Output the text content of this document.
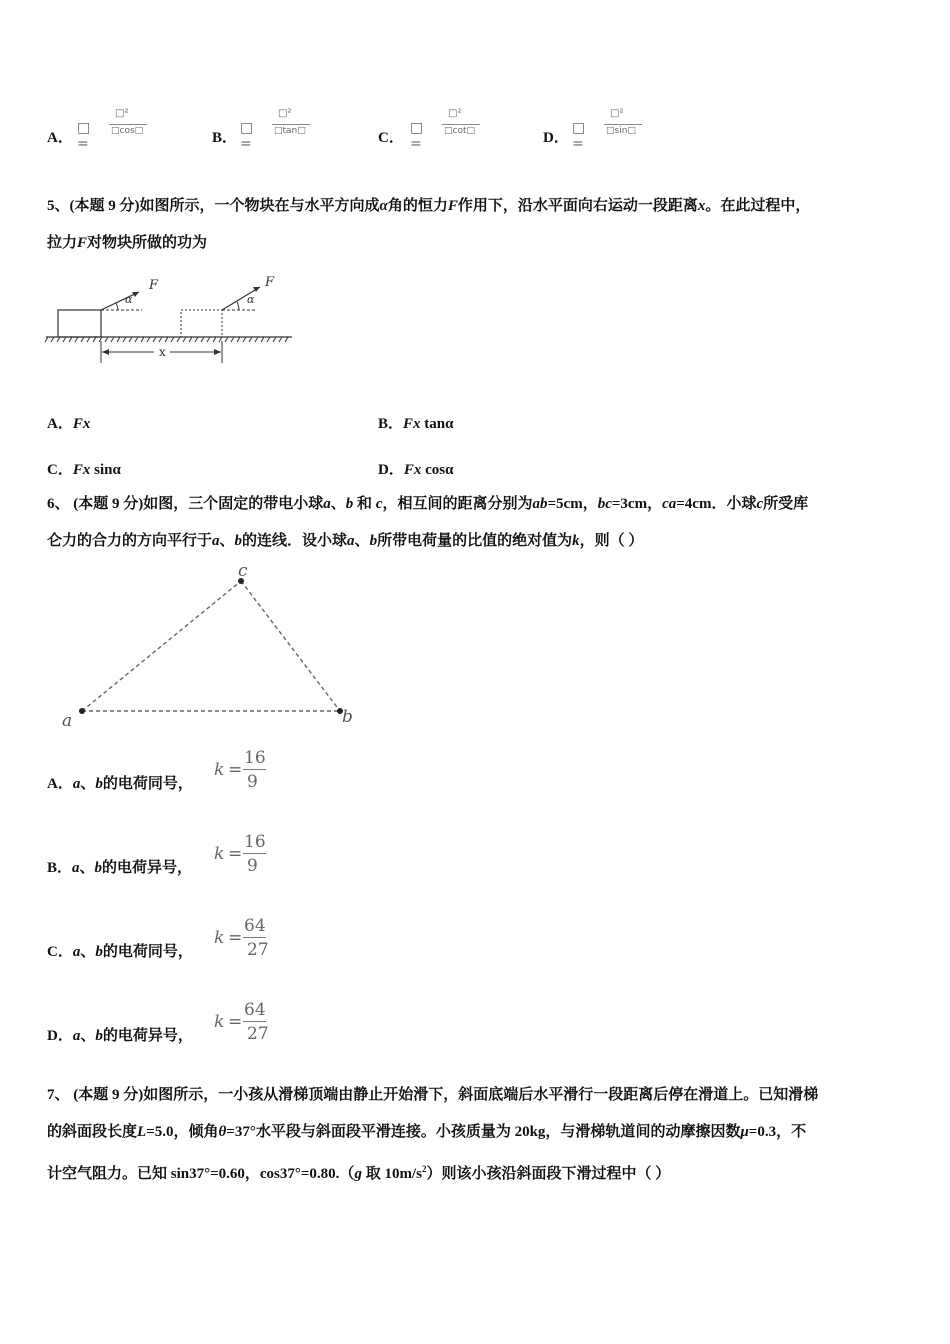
A．
□ =
□²
□cos□	B．
□ =
□²
□tan□	C．
□ =
□²
□cot□	D．
□ =
□²
□sin□
5、(本题 9 分)如图所示，一个物块在与水平方向成α角的恒力F作用下，沿水平面向右运动一段距离x。在此过程中，
拉力F对物块所做的功为
α
F
α
F
x
A．Fx	B．Fx tanα
C．Fx sinα	D．Fx cosα
6、 (本题 9 分)如图，三个固定的带电小球a、b 和 c，相互间的距离分别为ab=5cm，bc=3cm，ca=4cm．小球c所受库
仑力的合力的方向平行于a、b的连线．设小球a、b所带电荷量的比值的绝对值为k，则（ ）
a	b
c
A．a、b的电荷同号，
k =
16
9
B．a、b的电荷异号，
k =
16
9
C．a、b的电荷同号，
k =
64
27
D．a、b的电荷异号，
k =
64
27
7、 (本题 9 分)如图所示，一小孩从滑梯顶端由静止开始滑下，斜面底端后水平滑行一段距离后停在滑道上。已知滑梯
的斜面段长度L=5.0，倾角θ=37°水平段与斜面段平滑连接。小孩质量为 20kg，与滑梯轨道间的动摩擦因数μ=0.3，不
计空气阻力。已知 sin37°=0.60，cos37°=0.80.（g 取 $10m/s^2$）则该小孩沿斜面段下滑过程中（ ）
